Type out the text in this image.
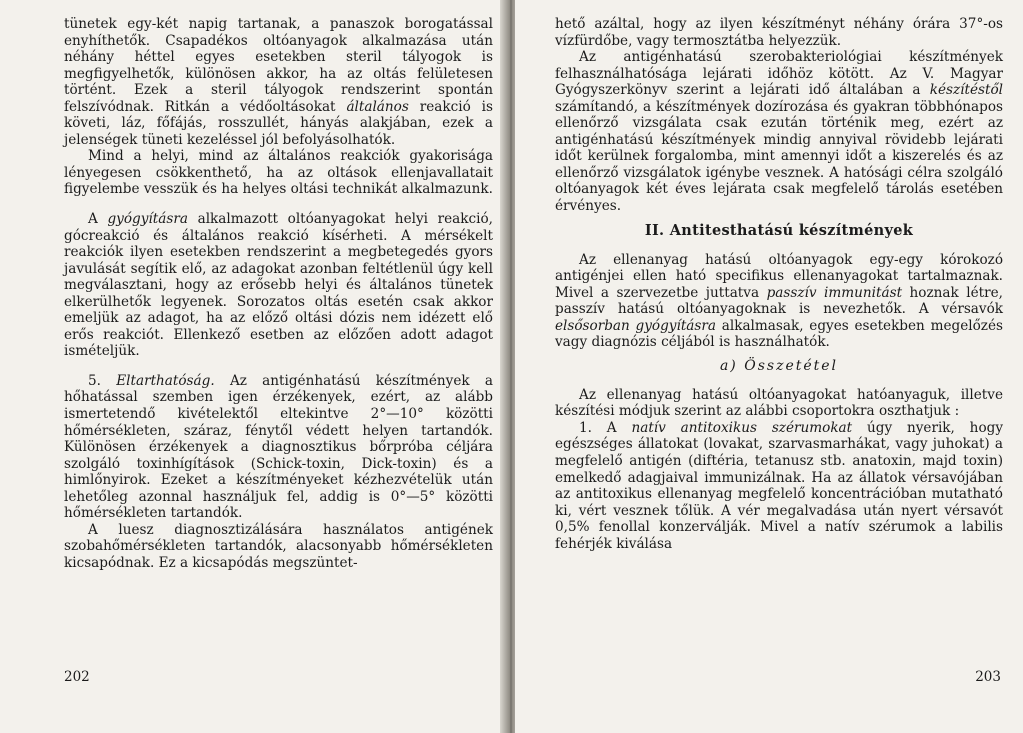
tünetek egy-két napig tartanak, a panaszok borogatással enyhíthetők. Csapadékos oltóanyagok alkalmazása után néhány héttel egyes esetekben steril tályogok is megfigyelhetők, különösen akkor, ha az oltás felületesen történt. Ezek a steril tályogok rendszerint spontán felszívódnak. Ritkán a védőoltásokat általános reakció is követi, láz, főfájás, rosszullét, hányás alakjában, ezek a jelenségek tüneti kezeléssel jól befolyásolhatók.

Mind a helyi, mind az általános reakciók gyakorisága lényegesen csökkenthető, ha az oltások ellenjavallatait figyelembe vesszük és ha helyes oltási technikát alkalmazunk.

A gyógyításra alkalmazott oltóanyagokat helyi reakció, gócreakció és általános reakció kísérheti. A mérsékelt reakciók ilyen esetekben rendszerint a megbetegedés gyors javulását segítik elő, az adagokat azonban feltétlenül úgy kell megválasztani, hogy az erősebb helyi és általános tünetek elkerülhetők legyenek. Sorozatos oltás esetén csak akkor emeljük az adagot, ha az előző oltási dózis nem idézett elő erős reakciót. Ellenkező esetben az előzően adott adagot ismételjük.

5. Eltarthatóság. Az antigénhatású készítmények a hőhatással szemben igen érzékenyek, ezért, az alább ismertetendő kivételektől eltekintve 2°—10° közötti hőmérsékleten, száraz, fénytől védett helyen tartandók. Különösen érzékenyek a diagnosztikus bőrpróba céljára szolgáló toxinhígítások (Schick-toxin, Dick-toxin) és a himlőnyirok. Ezeket a készítményeket kézhezvételük után lehetőleg azonnal használjuk fel, addig is 0°—5° közötti hőmérsékleten tartandók.

A luesz diagnosztizálására használatos antigének szobahőmérsékleten tartandók, alacsonyabb hőmérsékleten kicsapódnak. Ez a kicsapódás megszüntet-

202

hető azáltal, hogy az ilyen készítményt néhány órára 37°-os vízfürdőbe, vagy termosztátba helyezzük.

Az antigénhatású szerobakteriológiai készítmények felhasználhatósága lejárati időhöz kötött. Az V. Magyar Gyógyszerkönyv szerint a lejárati idő általában a készítéstől számítandó, a készítmények dozírozása és gyakran többhónapos ellenőrző vizsgálata csak ezután történik meg, ezért az antigénhatású készítmények mindig annyival rövidebb lejárati időt kerülnek forgalomba, mint amennyi időt a kiszerelés és az ellenőrző vizsgálatok igénybe vesznek. A hatósági célra szolgáló oltóanyagok két éves lejárata csak megfelelő tárolás esetében érvényes.

II. Antitesthatású készítmények

Az ellenanyag hatású oltóanyagok egy-egy kórokozó antigénjei ellen ható specifikus ellenanyagokat tartalmaznak. Mivel a szervezetbe juttatva passzív immunitást hoznak létre, passzív hatású oltóanyagoknak is nevezhetők. A vérsavók elsősorban gyógyításra alkalmasak, egyes esetekben megelőzés vagy diagnózis céljából is használhatók.

a) Összetétel

Az ellenanyag hatású oltóanyagokat hatóanyaguk, illetve készítési módjuk szerint az alábbi csoportokra oszthatjuk :

1. A natív antitoxikus szérumokat úgy nyerik, hogy egészséges állatokat (lovakat, szarvasmarhákat, vagy juhokat) a megfelelő antigén (diftéria, tetanusz stb. anatoxin, majd toxin) emelkedő adagjaival immunizálnak. Ha az állatok vérsavójában az antitoxikus ellenanyag megfelelő koncentrációban mutatható ki, vért vesznek tőlük. A vér megalvadása után nyert vérsavót 0,5% fenollal konzerválják. Mivel a natív szérumok a labilis fehérjék kiválása

203
